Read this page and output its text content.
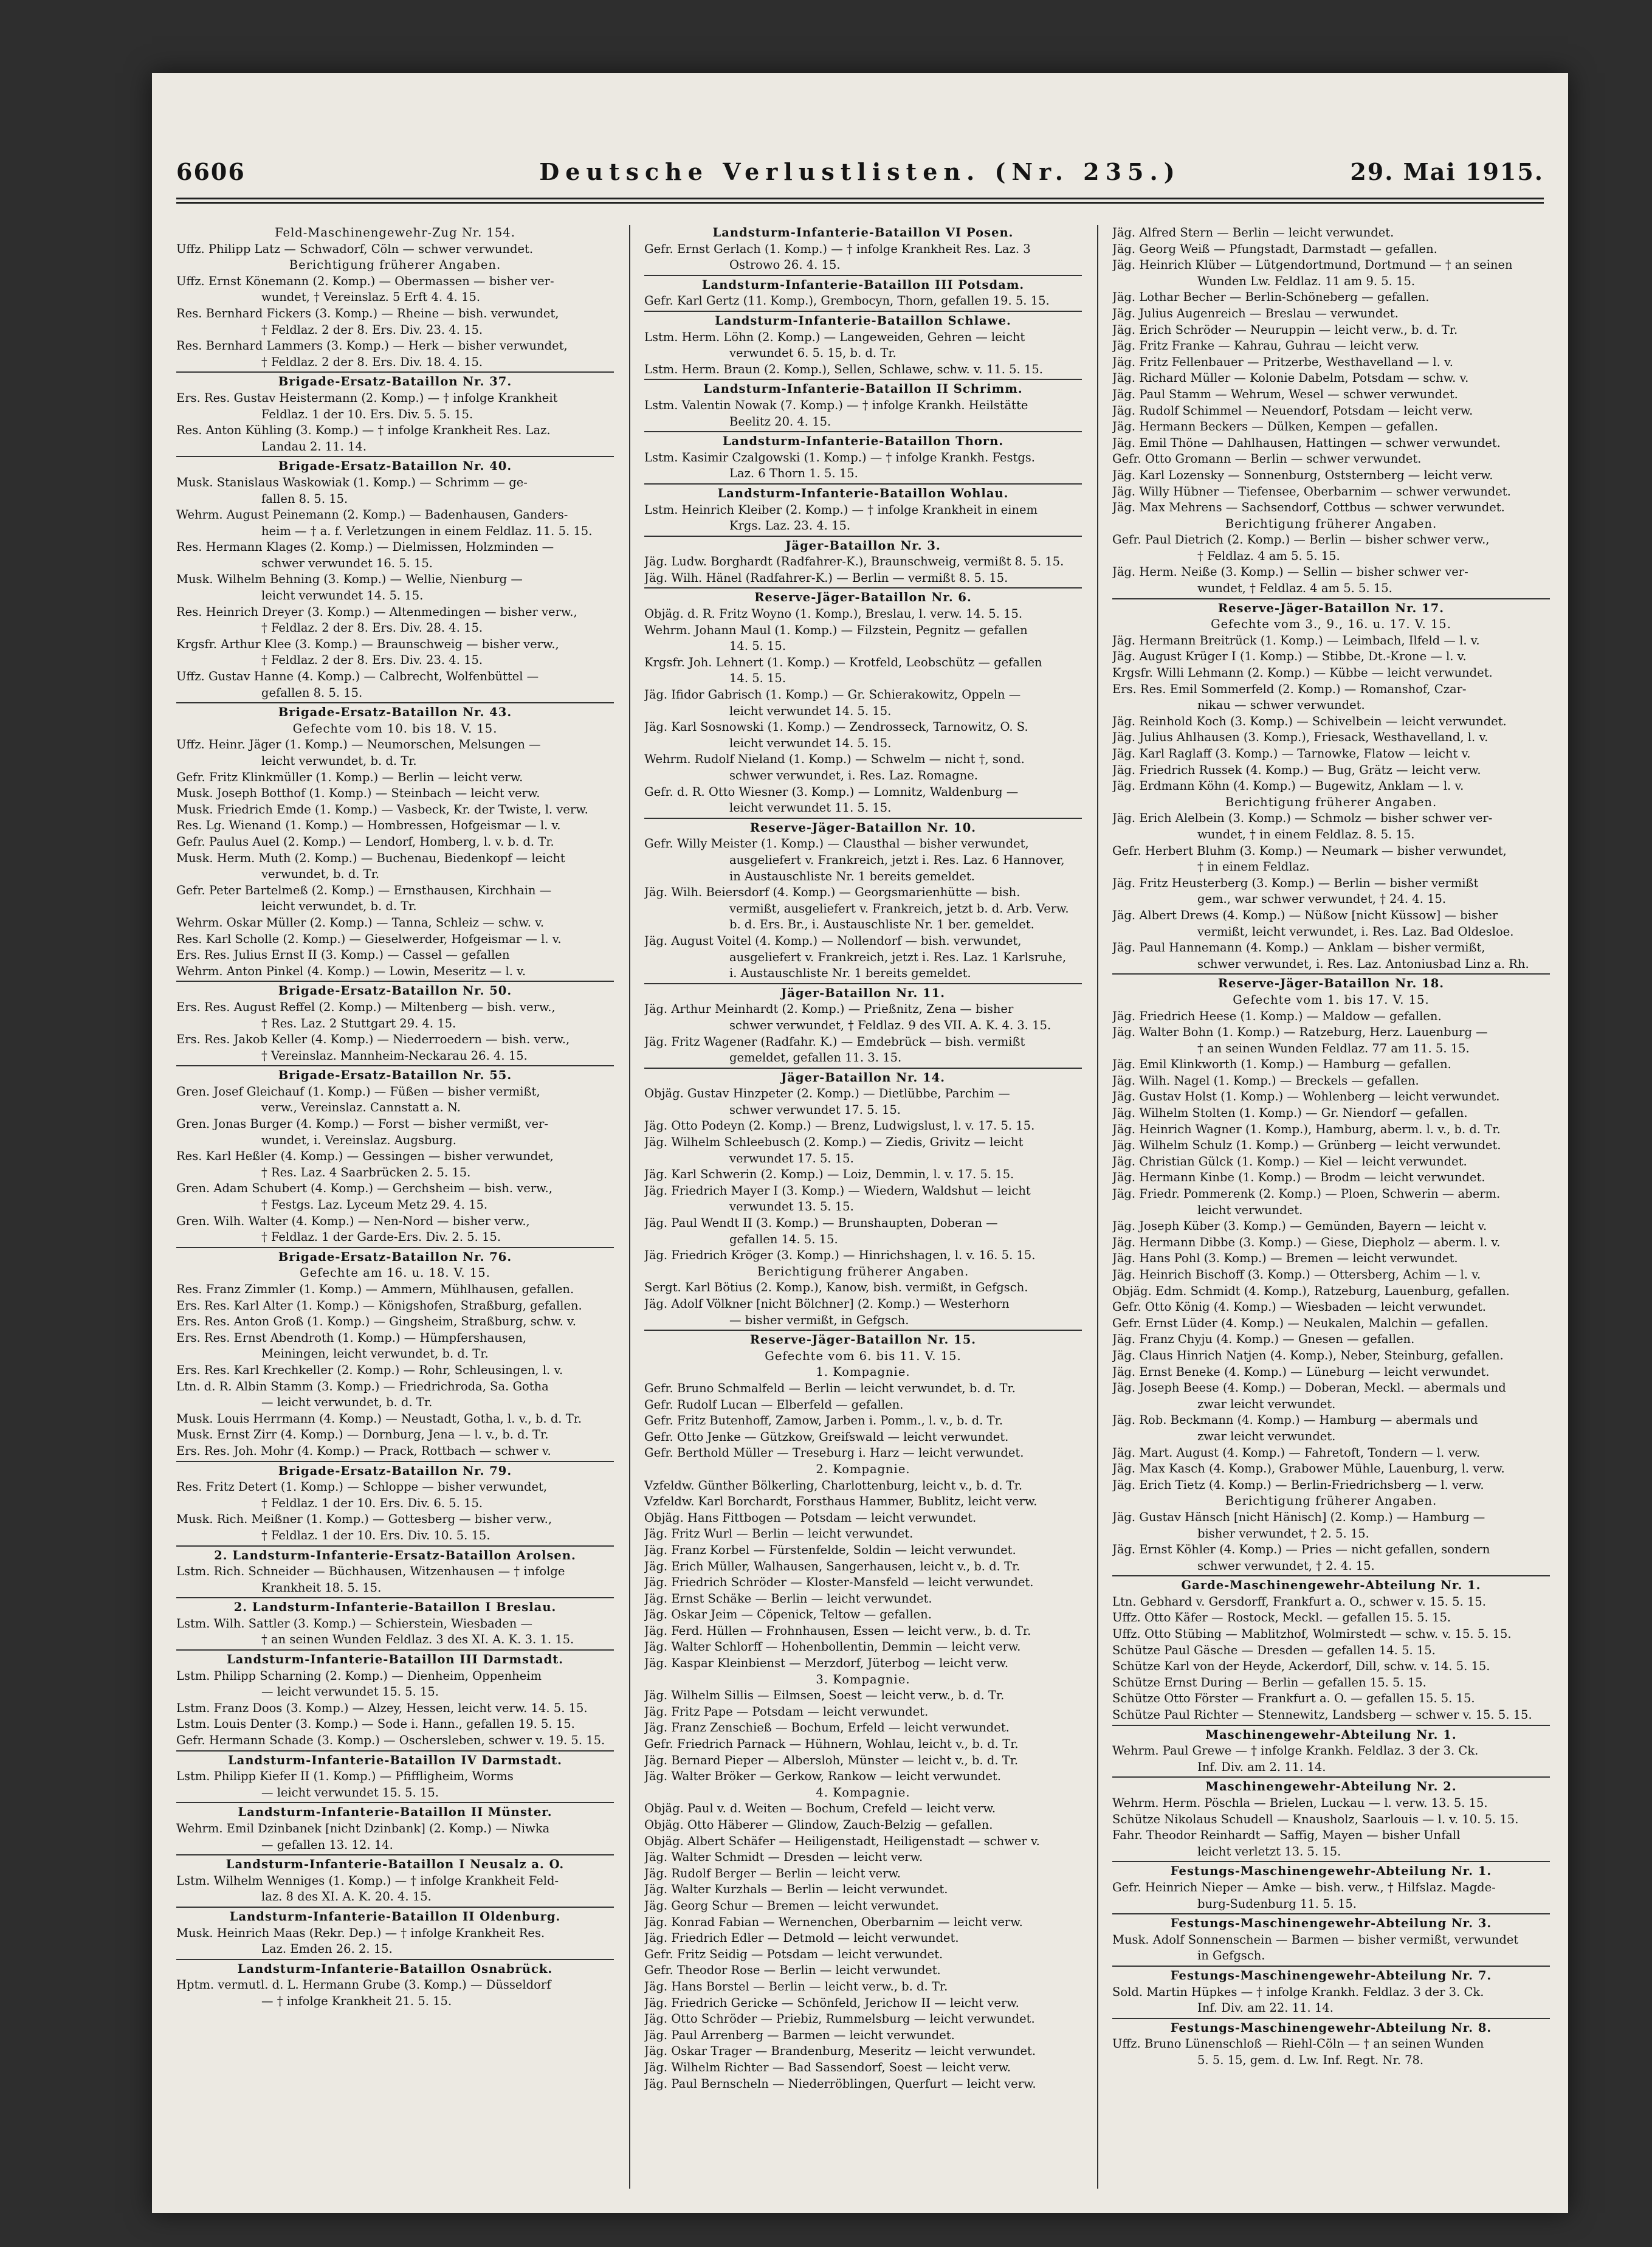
6606	Deutsche Verlustlisten. (Nr. 235.)	29. Mai 1915.
Feld-Maschinengewehr-Zug Nr. 154.
Uffz. Philipp Latz — Schwadorf, Cöln — schwer verwundet.
Berichtigung früherer Angaben.
Uffz. Ernst Könemann (2. Komp.) — Obermassen — bisher ver-
wundet, † Vereinslaz. 5 Erft 4. 4. 15.
Res. Bernhard Fickers (3. Komp.) — Rheine — bish. verwundet,
† Feldlaz. 2 der 8. Ers. Div. 23. 4. 15.
Res. Bernhard Lammers (3. Komp.) — Herk — bisher verwundet,
† Feldlaz. 2 der 8. Ers. Div. 18. 4. 15.
Brigade-Ersatz-Bataillon Nr. 37.
Ers. Res. Gustav Heistermann (2. Komp.) — † infolge Krankheit
Feldlaz. 1 der 10. Ers. Div. 5. 5. 15.
Res. Anton Kühling (3. Komp.) — † infolge Krankheit Res. Laz.
Landau 2. 11. 14.
Brigade-Ersatz-Bataillon Nr. 40.
Musk. Stanislaus Waskowiak (1. Komp.) — Schrimm — ge-
fallen 8. 5. 15.
Wehrm. August Peinemann (2. Komp.) — Badenhausen, Ganders-
heim — † a. f. Verletzungen in einem Feldlaz. 11. 5. 15.
Res. Hermann Klages (2. Komp.) — Dielmissen, Holzminden —
schwer verwundet 16. 5. 15.
Musk. Wilhelm Behning (3. Komp.) — Wellie, Nienburg —
leicht verwundet 14. 5. 15.
Res. Heinrich Dreyer (3. Komp.) — Altenmedingen — bisher verw.,
† Feldlaz. 2 der 8. Ers. Div. 28. 4. 15.
Krgsfr. Arthur Klee (3. Komp.) — Braunschweig — bisher verw.,
† Feldlaz. 2 der 8. Ers. Div. 23. 4. 15.
Uffz. Gustav Hanne (4. Komp.) — Calbrecht, Wolfenbüttel —
gefallen 8. 5. 15.
Brigade-Ersatz-Bataillon Nr. 43.
Gefechte vom 10. bis 18. V. 15.
Uffz. Heinr. Jäger (1. Komp.) — Neumorschen, Melsungen —
leicht verwundet, b. d. Tr.
Gefr. Fritz Klinkmüller (1. Komp.) — Berlin — leicht verw.
Musk. Joseph Botthof (1. Komp.) — Steinbach — leicht verw.
Musk. Friedrich Emde (1. Komp.) — Vasbeck, Kr. der Twiste, l. verw.
Res. Lg. Wienand (1. Komp.) — Hombressen, Hofgeismar — l. v.
Gefr. Paulus Auel (2. Komp.) — Lendorf, Homberg, l. v. b. d. Tr.
Musk. Herm. Muth (2. Komp.) — Buchenau, Biedenkopf — leicht
verwundet, b. d. Tr.
Gefr. Peter Bartelmeß (2. Komp.) — Ernsthausen, Kirchhain —
leicht verwundet, b. d. Tr.
Wehrm. Oskar Müller (2. Komp.) — Tanna, Schleiz — schw. v.
Res. Karl Scholle (2. Komp.) — Gieselwerder, Hofgeismar — l. v.
Ers. Res. Julius Ernst II (3. Komp.) — Cassel — gefallen
Wehrm. Anton Pinkel (4. Komp.) — Lowin, Meseritz — l. v.
Brigade-Ersatz-Bataillon Nr. 50.
Ers. Res. August Reffel (2. Komp.) — Miltenberg — bish. verw.,
† Res. Laz. 2 Stuttgart 29. 4. 15.
Ers. Res. Jakob Keller (4. Komp.) — Niederroedern — bish. verw.,
† Vereinslaz. Mannheim-Neckarau 26. 4. 15.
Brigade-Ersatz-Bataillon Nr. 55.
Gren. Josef Gleichauf (1. Komp.) — Füßen — bisher vermißt,
verw., Vereinslaz. Cannstatt a. N.
Gren. Jonas Burger (4. Komp.) — Forst — bisher vermißt, ver-
wundet, i. Vereinslaz. Augsburg.
Res. Karl Heßler (4. Komp.) — Gessingen — bisher verwundet,
† Res. Laz. 4 Saarbrücken 2. 5. 15.
Gren. Adam Schubert (4. Komp.) — Gerchsheim — bish. verw.,
† Festgs. Laz. Lyceum Metz 29. 4. 15.
Gren. Wilh. Walter (4. Komp.) — Nen-Nord — bisher verw.,
† Feldlaz. 1 der Garde-Ers. Div. 2. 5. 15.
Brigade-Ersatz-Bataillon Nr. 76.
Gefechte am 16. u. 18. V. 15.
Res. Franz Zimmler (1. Komp.) — Ammern, Mühlhausen, gefallen.
Ers. Res. Karl Alter (1. Komp.) — Königshofen, Straßburg, gefallen.
Ers. Res. Anton Groß (1. Komp.) — Gingsheim, Straßburg, schw. v.
Ers. Res. Ernst Abendroth (1. Komp.) — Hümpfershausen,
Meiningen, leicht verwundet, b. d. Tr.
Ers. Res. Karl Krechkeller (2. Komp.) — Rohr, Schleusingen, l. v.
Ltn. d. R. Albin Stamm (3. Komp.) — Friedrichroda, Sa. Gotha
— leicht verwundet, b. d. Tr.
Musk. Louis Herrmann (4. Komp.) — Neustadt, Gotha, l. v., b. d. Tr.
Musk. Ernst Zirr (4. Komp.) — Dornburg, Jena — l. v., b. d. Tr.
Ers. Res. Joh. Mohr (4. Komp.) — Prack, Rottbach — schwer v.
Brigade-Ersatz-Bataillon Nr. 79.
Res. Fritz Detert (1. Komp.) — Schloppe — bisher verwundet,
† Feldlaz. 1 der 10. Ers. Div. 6. 5. 15.
Musk. Rich. Meißner (1. Komp.) — Gottesberg — bisher verw.,
† Feldlaz. 1 der 10. Ers. Div. 10. 5. 15.
2. Landsturm-Infanterie-Ersatz-Bataillon Arolsen.
Lstm. Rich. Schneider — Büchhausen, Witzenhausen — † infolge
Krankheit 18. 5. 15.
2. Landsturm-Infanterie-Bataillon I Breslau.
Lstm. Wilh. Sattler (3. Komp.) — Schierstein, Wiesbaden —
† an seinen Wunden Feldlaz. 3 des XI. A. K. 3. 1. 15.
Landsturm-Infanterie-Bataillon III Darmstadt.
Lstm. Philipp Scharning (2. Komp.) — Dienheim, Oppenheim
— leicht verwundet 15. 5. 15.
Lstm. Franz Doos (3. Komp.) — Alzey, Hessen, leicht verw. 14. 5. 15.
Lstm. Louis Denter (3. Komp.) — Sode i. Hann., gefallen 19. 5. 15.
Gefr. Hermann Schade (3. Komp.) — Oschersleben, schwer v. 19. 5. 15.
Landsturm-Infanterie-Bataillon IV Darmstadt.
Lstm. Philipp Kiefer II (1. Komp.) — Pfiffligheim, Worms
— leicht verwundet 15. 5. 15.
Landsturm-Infanterie-Bataillon II Münster.
Wehrm. Emil Dzinbanek [nicht Dzinbank] (2. Komp.) — Niwka
— gefallen 13. 12. 14.
Landsturm-Infanterie-Bataillon I Neusalz a. O.
Lstm. Wilhelm Wenniges (1. Komp.) — † infolge Krankheit Feld-
laz. 8 des XI. A. K. 20. 4. 15.
Landsturm-Infanterie-Bataillon II Oldenburg.
Musk. Heinrich Maas (Rekr. Dep.) — † infolge Krankheit Res.
Laz. Emden 26. 2. 15.
Landsturm-Infanterie-Bataillon Osnabrück.
Hptm. vermutl. d. L. Hermann Grube (3. Komp.) — Düsseldorf
— † infolge Krankheit 21. 5. 15.
Landsturm-Infanterie-Bataillon VI Posen.
Gefr. Ernst Gerlach (1. Komp.) — † infolge Krankheit Res. Laz. 3
Ostrowo 26. 4. 15.
Landsturm-Infanterie-Bataillon III Potsdam.
Gefr. Karl Gertz (11. Komp.), Grembocyn, Thorn, gefallen 19. 5. 15.
Landsturm-Infanterie-Bataillon Schlawe.
Lstm. Herm. Löhn (2. Komp.) — Langeweiden, Gehren — leicht
verwundet 6. 5. 15, b. d. Tr.
Lstm. Herm. Braun (2. Komp.), Sellen, Schlawe, schw. v. 11. 5. 15.
Landsturm-Infanterie-Bataillon II Schrimm.
Lstm. Valentin Nowak (7. Komp.) — † infolge Krankh. Heilstätte
Beelitz 20. 4. 15.
Landsturm-Infanterie-Bataillon Thorn.
Lstm. Kasimir Czalgowski (1. Komp.) — † infolge Krankh. Festgs.
Laz. 6 Thorn 1. 5. 15.
Landsturm-Infanterie-Bataillon Wohlau.
Lstm. Heinrich Kleiber (2. Komp.) — † infolge Krankheit in einem
Krgs. Laz. 23. 4. 15.
Jäger-Bataillon Nr. 3.
Jäg. Ludw. Borghardt (Radfahrer-K.), Braunschweig, vermißt 8. 5. 15.
Jäg. Wilh. Hänel (Radfahrer-K.) — Berlin — vermißt 8. 5. 15.
Reserve-Jäger-Bataillon Nr. 6.
Objäg. d. R. Fritz Woyno (1. Komp.), Breslau, l. verw. 14. 5. 15.
Wehrm. Johann Maul (1. Komp.) — Filzstein, Pegnitz — gefallen
14. 5. 15.
Krgsfr. Joh. Lehnert (1. Komp.) — Krotfeld, Leobschütz — gefallen
14. 5. 15.
Jäg. Ifidor Gabrisch (1. Komp.) — Gr. Schierakowitz, Oppeln —
leicht verwundet 14. 5. 15.
Jäg. Karl Sosnowski (1. Komp.) — Zendrosseck, Tarnowitz, O. S.
leicht verwundet 14. 5. 15.
Wehrm. Rudolf Nieland (1. Komp.) — Schwelm — nicht †, sond.
schwer verwundet, i. Res. Laz. Romagne.
Gefr. d. R. Otto Wiesner (3. Komp.) — Lomnitz, Waldenburg —
leicht verwundet 11. 5. 15.
Reserve-Jäger-Bataillon Nr. 10.
Gefr. Willy Meister (1. Komp.) — Clausthal — bisher verwundet,
ausgeliefert v. Frankreich, jetzt i. Res. Laz. 6 Hannover,
in Austauschliste Nr. 1 bereits gemeldet.
Jäg. Wilh. Beiersdorf (4. Komp.) — Georgsmarienhütte — bish.
vermißt, ausgeliefert v. Frankreich, jetzt b. d. Arb. Verw.
b. d. Ers. Br., i. Austauschliste Nr. 1 ber. gemeldet.
Jäg. August Voitel (4. Komp.) — Nollendorf — bish. verwundet,
ausgeliefert v. Frankreich, jetzt i. Res. Laz. 1 Karlsruhe,
i. Austauschliste Nr. 1 bereits gemeldet.
Jäger-Bataillon Nr. 11.
Jäg. Arthur Meinhardt (2. Komp.) — Prießnitz, Zena — bisher
schwer verwundet, † Feldlaz. 9 des VII. A. K. 4. 3. 15.
Jäg. Fritz Wagener (Radfahr. K.) — Emdebrück — bish. vermißt
gemeldet, gefallen 11. 3. 15.
Jäger-Bataillon Nr. 14.
Objäg. Gustav Hinzpeter (2. Komp.) — Dietlübbe, Parchim —
schwer verwundet 17. 5. 15.
Jäg. Otto Podeyn (2. Komp.) — Brenz, Ludwigslust, l. v. 17. 5. 15.
Jäg. Wilhelm Schleebusch (2. Komp.) — Ziedis, Grivitz — leicht
verwundet 17. 5. 15.
Jäg. Karl Schwerin (2. Komp.) — Loiz, Demmin, l. v. 17. 5. 15.
Jäg. Friedrich Mayer I (3. Komp.) — Wiedern, Waldshut — leicht
verwundet 13. 5. 15.
Jäg. Paul Wendt II (3. Komp.) — Brunshaupten, Doberan —
gefallen 14. 5. 15.
Jäg. Friedrich Kröger (3. Komp.) — Hinrichshagen, l. v. 16. 5. 15.
Berichtigung früherer Angaben.
Sergt. Karl Bötius (2. Komp.), Kanow, bish. vermißt, in Gefgsch.
Jäg. Adolf Völkner [nicht Bölchner] (2. Komp.) — Westerhorn
— bisher vermißt, in Gefgsch.
Reserve-Jäger-Bataillon Nr. 15.
Gefechte vom 6. bis 11. V. 15.
1. Kompagnie.
Gefr. Bruno Schmalfeld — Berlin — leicht verwundet, b. d. Tr.
Gefr. Rudolf Lucan — Elberfeld — gefallen.
Gefr. Fritz Butenhoff, Zamow, Jarben i. Pomm., l. v., b. d. Tr.
Gefr. Otto Jenke — Gützkow, Greifswald — leicht verwundet.
Gefr. Berthold Müller — Treseburg i. Harz — leicht verwundet.
2. Kompagnie.
Vzfeldw. Günther Bölkerling, Charlottenburg, leicht v., b. d. Tr.
Vzfeldw. Karl Borchardt, Forsthaus Hammer, Bublitz, leicht verw.
Objäg. Hans Fittbogen — Potsdam — leicht verwundet.
Jäg. Fritz Wurl — Berlin — leicht verwundet.
Jäg. Franz Korbel — Fürstenfelde, Soldin — leicht verwundet.
Jäg. Erich Müller, Walhausen, Sangerhausen, leicht v., b. d. Tr.
Jäg. Friedrich Schröder — Kloster-Mansfeld — leicht verwundet.
Jäg. Ernst Schäke — Berlin — leicht verwundet.
Jäg. Oskar Jeim — Cöpenick, Teltow — gefallen.
Jäg. Ferd. Hüllen — Frohnhausen, Essen — leicht verw., b. d. Tr.
Jäg. Walter Schlorff — Hohenbollentin, Demmin — leicht verw.
Jäg. Kaspar Kleinbienst — Merzdorf, Jüterbog — leicht verw.
3. Kompagnie.
Jäg. Wilhelm Sillis — Eilmsen, Soest — leicht verw., b. d. Tr.
Jäg. Fritz Pape — Potsdam — leicht verwundet.
Jäg. Franz Zenschieß — Bochum, Erfeld — leicht verwundet.
Gefr. Friedrich Parnack — Hühnern, Wohlau, leicht v., b. d. Tr.
Jäg. Bernard Pieper — Albersloh, Münster — leicht v., b. d. Tr.
Jäg. Walter Bröker — Gerkow, Rankow — leicht verwundet.
4. Kompagnie.
Objäg. Paul v. d. Weiten — Bochum, Crefeld — leicht verw.
Objäg. Otto Häberer — Glindow, Zauch-Belzig — gefallen.
Objäg. Albert Schäfer — Heiligenstadt, Heiligenstadt — schwer v.
Jäg. Walter Schmidt — Dresden — leicht verw.
Jäg. Rudolf Berger — Berlin — leicht verw.
Jäg. Walter Kurzhals — Berlin — leicht verwundet.
Jäg. Georg Schur — Bremen — leicht verwundet.
Jäg. Konrad Fabian — Wernenchen, Oberbarnim — leicht verw.
Jäg. Friedrich Edler — Detmold — leicht verwundet.
Gefr. Fritz Seidig — Potsdam — leicht verwundet.
Gefr. Theodor Rose — Berlin — leicht verwundet.
Jäg. Hans Borstel — Berlin — leicht verw., b. d. Tr.
Jäg. Friedrich Gericke — Schönfeld, Jerichow II — leicht verw.
Jäg. Otto Schröder — Priebiz, Rummelsburg — leicht verwundet.
Jäg. Paul Arrenberg — Barmen — leicht verwundet.
Jäg. Oskar Trager — Brandenburg, Meseritz — leicht verwundet.
Jäg. Wilhelm Richter — Bad Sassendorf, Soest — leicht verw.
Jäg. Paul Bernscheln — Niederröblingen, Querfurt — leicht verw.
Jäg. Alfred Stern — Berlin — leicht verwundet.
Jäg. Georg Weiß — Pfungstadt, Darmstadt — gefallen.
Jäg. Heinrich Klüber — Lütgendortmund, Dortmund — † an seinen
Wunden Lw. Feldlaz. 11 am 9. 5. 15.
Jäg. Lothar Becher — Berlin-Schöneberg — gefallen.
Jäg. Julius Augenreich — Breslau — verwundet.
Jäg. Erich Schröder — Neuruppin — leicht verw., b. d. Tr.
Jäg. Fritz Franke — Kahrau, Guhrau — leicht verw.
Jäg. Fritz Fellenbauer — Pritzerbe, Westhavelland — l. v.
Jäg. Richard Müller — Kolonie Dabelm, Potsdam — schw. v.
Jäg. Paul Stamm — Wehrum, Wesel — schwer verwundet.
Jäg. Rudolf Schimmel — Neuendorf, Potsdam — leicht verw.
Jäg. Hermann Beckers — Dülken, Kempen — gefallen.
Jäg. Emil Thöne — Dahlhausen, Hattingen — schwer verwundet.
Gefr. Otto Gromann — Berlin — schwer verwundet.
Jäg. Karl Lozensky — Sonnenburg, Oststernberg — leicht verw.
Jäg. Willy Hübner — Tiefensee, Oberbarnim — schwer verwundet.
Jäg. Max Mehrens — Sachsendorf, Cottbus — schwer verwundet.
Berichtigung früherer Angaben.
Gefr. Paul Dietrich (2. Komp.) — Berlin — bisher schwer verw.,
† Feldlaz. 4 am 5. 5. 15.
Jäg. Herm. Neiße (3. Komp.) — Sellin — bisher schwer ver-
wundet, † Feldlaz. 4 am 5. 5. 15.
Reserve-Jäger-Bataillon Nr. 17.
Gefechte vom 3., 9., 16. u. 17. V. 15.
Jäg. Hermann Breitrück (1. Komp.) — Leimbach, Ilfeld — l. v.
Jäg. August Krüger I (1. Komp.) — Stibbe, Dt.-Krone — l. v.
Krgsfr. Willi Lehmann (2. Komp.) — Kübbe — leicht verwundet.
Ers. Res. Emil Sommerfeld (2. Komp.) — Romanshof, Czar-
nikau — schwer verwundet.
Jäg. Reinhold Koch (3. Komp.) — Schivelbein — leicht verwundet.
Jäg. Julius Ahlhausen (3. Komp.), Friesack, Westhavelland, l. v.
Jäg. Karl Raglaff (3. Komp.) — Tarnowke, Flatow — leicht v.
Jäg. Friedrich Russek (4. Komp.) — Bug, Grätz — leicht verw.
Jäg. Erdmann Köhn (4. Komp.) — Bugewitz, Anklam — l. v.
Berichtigung früherer Angaben.
Jäg. Erich Alelbein (3. Komp.) — Schmolz — bisher schwer ver-
wundet, † in einem Feldlaz. 8. 5. 15.
Gefr. Herbert Bluhm (3. Komp.) — Neumark — bisher verwundet,
† in einem Feldlaz.
Jäg. Fritz Heusterberg (3. Komp.) — Berlin — bisher vermißt
gem., war schwer verwundet, † 24. 4. 15.
Jäg. Albert Drews (4. Komp.) — Nüßow [nicht Küssow] — bisher
vermißt, leicht verwundet, i. Res. Laz. Bad Oldesloe.
Jäg. Paul Hannemann (4. Komp.) — Anklam — bisher vermißt,
schwer verwundet, i. Res. Laz. Antoniusbad Linz a. Rh.
Reserve-Jäger-Bataillon Nr. 18.
Gefechte vom 1. bis 17. V. 15.
Jäg. Friedrich Heese (1. Komp.) — Maldow — gefallen.
Jäg. Walter Bohn (1. Komp.) — Ratzeburg, Herz. Lauenburg —
† an seinen Wunden Feldlaz. 77 am 11. 5. 15.
Jäg. Emil Klinkworth (1. Komp.) — Hamburg — gefallen.
Jäg. Wilh. Nagel (1. Komp.) — Breckels — gefallen.
Jäg. Gustav Holst (1. Komp.) — Wohlenberg — leicht verwundet.
Jäg. Wilhelm Stolten (1. Komp.) — Gr. Niendorf — gefallen.
Jäg. Heinrich Wagner (1. Komp.), Hamburg, aberm. l. v., b. d. Tr.
Jäg. Wilhelm Schulz (1. Komp.) — Grünberg — leicht verwundet.
Jäg. Christian Gülck (1. Komp.) — Kiel — leicht verwundet.
Jäg. Hermann Kinbe (1. Komp.) — Brodm — leicht verwundet.
Jäg. Friedr. Pommerenk (2. Komp.) — Ploen, Schwerin — aberm.
leicht verwundet.
Jäg. Joseph Küber (3. Komp.) — Gemünden, Bayern — leicht v.
Jäg. Hermann Dibbe (3. Komp.) — Giese, Diepholz — aberm. l. v.
Jäg. Hans Pohl (3. Komp.) — Bremen — leicht verwundet.
Jäg. Heinrich Bischoff (3. Komp.) — Ottersberg, Achim — l. v.
Objäg. Edm. Schmidt (4. Komp.), Ratzeburg, Lauenburg, gefallen.
Gefr. Otto König (4. Komp.) — Wiesbaden — leicht verwundet.
Gefr. Ernst Lüder (4. Komp.) — Neukalen, Malchin — gefallen.
Jäg. Franz Chyju (4. Komp.) — Gnesen — gefallen.
Jäg. Claus Hinrich Natjen (4. Komp.), Neber, Steinburg, gefallen.
Jäg. Ernst Beneke (4. Komp.) — Lüneburg — leicht verwundet.
Jäg. Joseph Beese (4. Komp.) — Doberan, Meckl. — abermals und
zwar leicht verwundet.
Jäg. Rob. Beckmann (4. Komp.) — Hamburg — abermals und
zwar leicht verwundet.
Jäg. Mart. August (4. Komp.) — Fahretoft, Tondern — l. verw.
Jäg. Max Kasch (4. Komp.), Grabower Mühle, Lauenburg, l. verw.
Jäg. Erich Tietz (4. Komp.) — Berlin-Friedrichsberg — l. verw.
Berichtigung früherer Angaben.
Jäg. Gustav Hänsch [nicht Hänisch] (2. Komp.) — Hamburg —
bisher verwundet, † 2. 5. 15.
Jäg. Ernst Köhler (4. Komp.) — Pries — nicht gefallen, sondern
schwer verwundet, † 2. 4. 15.
Garde-Maschinengewehr-Abteilung Nr. 1.
Ltn. Gebhard v. Gersdorff, Frankfurt a. O., schwer v. 15. 5. 15.
Uffz. Otto Käfer — Rostock, Meckl. — gefallen 15. 5. 15.
Uffz. Otto Stübing — Mablitzhof, Wolmirstedt — schw. v. 15. 5. 15.
Schütze Paul Gäsche — Dresden — gefallen 14. 5. 15.
Schütze Karl von der Heyde, Ackerdorf, Dill, schw. v. 14. 5. 15.
Schütze Ernst During — Berlin — gefallen 15. 5. 15.
Schütze Otto Förster — Frankfurt a. O. — gefallen 15. 5. 15.
Schütze Paul Richter — Stennewitz, Landsberg — schwer v. 15. 5. 15.
Maschinengewehr-Abteilung Nr. 1.
Wehrm. Paul Grewe — † infolge Krankh. Feldlaz. 3 der 3. Ck.
Inf. Div. am 2. 11. 14.
Maschinengewehr-Abteilung Nr. 2.
Wehrm. Herm. Pöschla — Brielen, Luckau — l. verw. 13. 5. 15.
Schütze Nikolaus Schudell — Knausholz, Saarlouis — l. v. 10. 5. 15.
Fahr. Theodor Reinhardt — Saffig, Mayen — bisher Unfall
leicht verletzt 13. 5. 15.
Festungs-Maschinengewehr-Abteilung Nr. 1.
Gefr. Heinrich Nieper — Amke — bish. verw., † Hilfslaz. Magde-
burg-Sudenburg 11. 5. 15.
Festungs-Maschinengewehr-Abteilung Nr. 3.
Musk. Adolf Sonnenschein — Barmen — bisher vermißt, verwundet
in Gefgsch.
Festungs-Maschinengewehr-Abteilung Nr. 7.
Sold. Martin Hüpkes — † infolge Krankh. Feldlaz. 3 der 3. Ck.
Inf. Div. am 22. 11. 14.
Festungs-Maschinengewehr-Abteilung Nr. 8.
Uffz. Bruno Lünenschloß — Riehl-Cöln — † an seinen Wunden
5. 5. 15, gem. d. Lw. Inf. Regt. Nr. 78.
